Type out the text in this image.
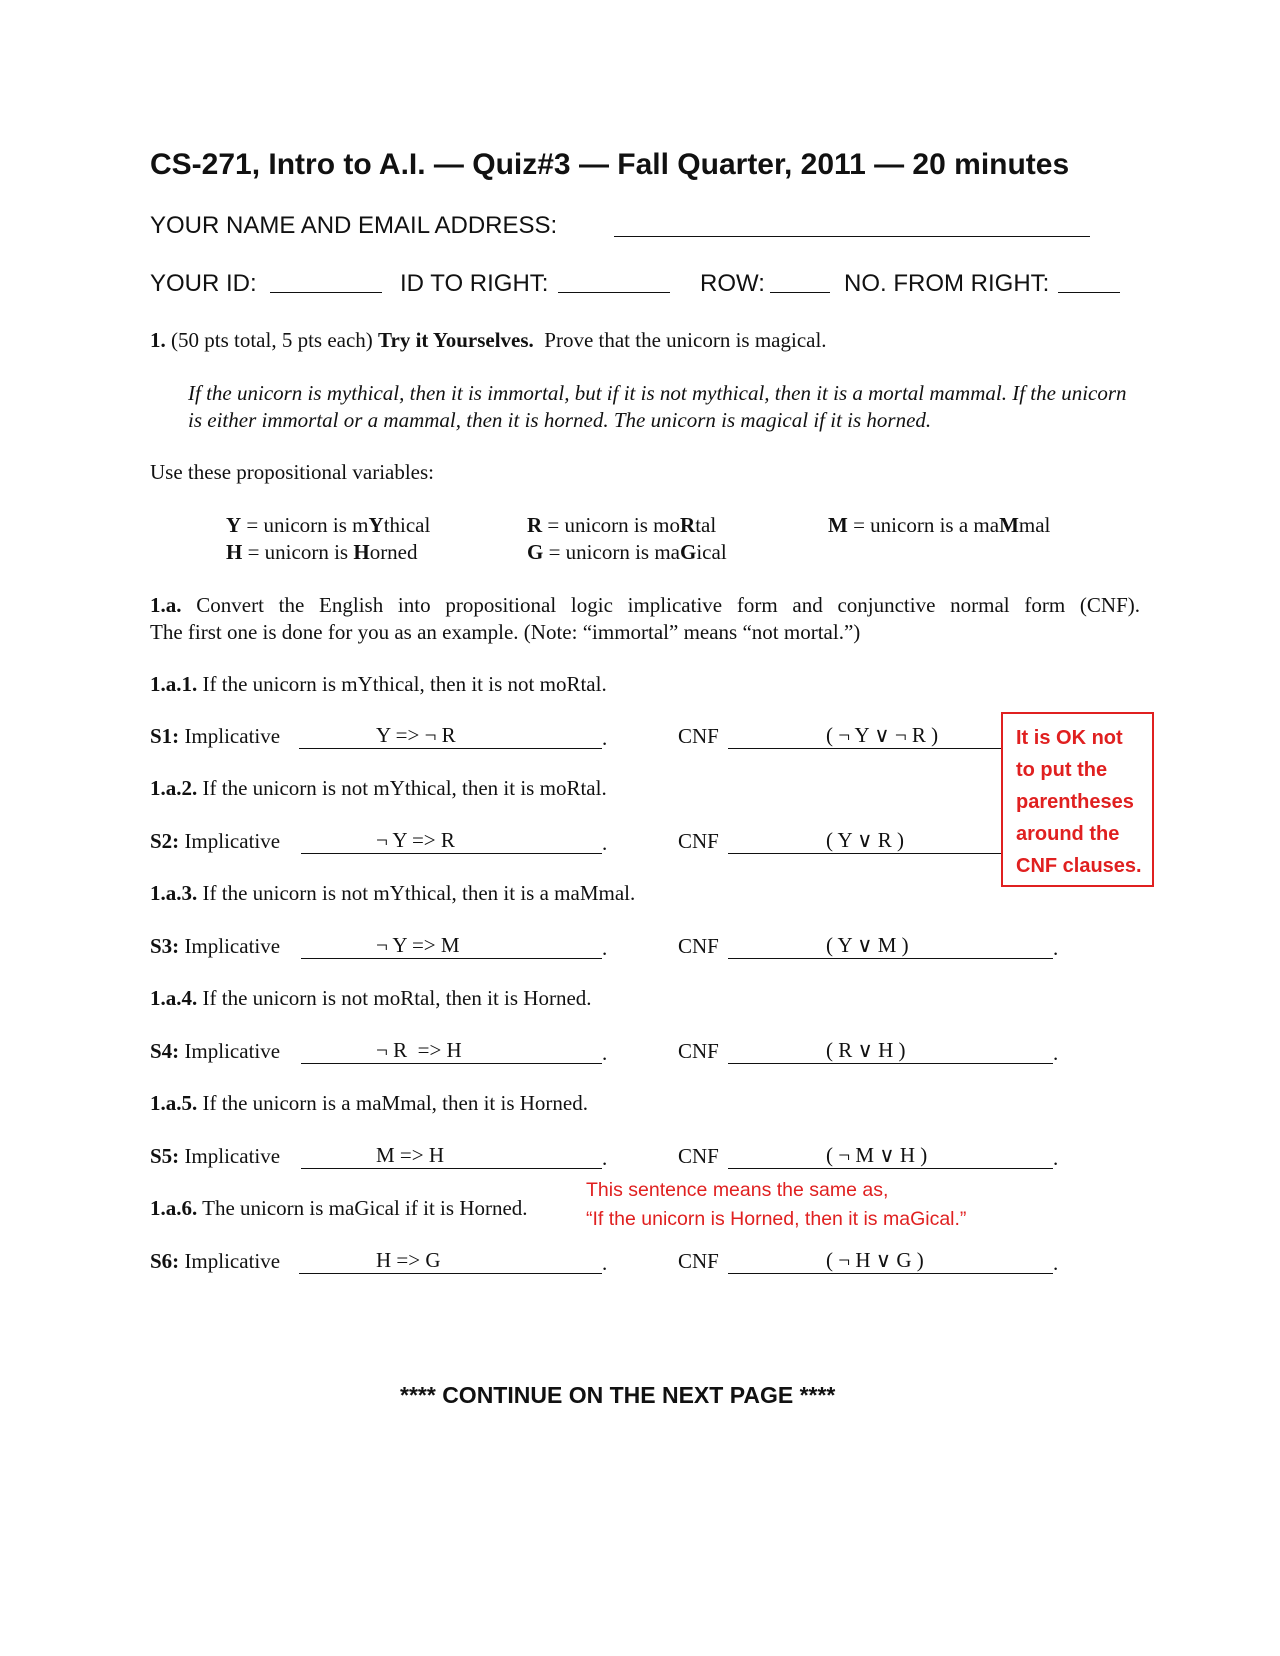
CS-271, Intro to A.I. — Quiz#3 — Fall Quarter, 2011 — 20 minutes
YOUR NAME AND EMAIL ADDRESS:
YOUR ID:	ID TO RIGHT:	ROW:	NO. FROM RIGHT:
1. (50 pts total, 5 pts each) Try it Yourselves. Prove that the unicorn is magical.
If the unicorn is mythical, then it is immortal, but if it is not mythical, then it is a mortal mammal. If the unicorn is either immortal or a mammal, then it is horned. The unicorn is magical if it is horned.
Use these propositional variables:
Y = unicorn is mYthical	R = unicorn is moRtal	M = unicorn is a maMmal
H = unicorn is Horned	G = unicorn is maGical
1.a. Convert the English into propositional logic implicative form and conjunctive normal form (CNF).
The first one is done for you as an example. (Note: “immortal” means “not mortal.”)
1.a.1. If the unicorn is mYthical, then it is not moRtal.
S1: Implicative	Y => ¬ R	.	CNF	( ¬ Y ∨ ¬ R )
1.a.2. If the unicorn is not mYthical, then it is moRtal.
S2: Implicative	¬ Y => R	.	CNF	( Y ∨ R )
1.a.3. If the unicorn is not mYthical, then it is a maMmal.
S3: Implicative	¬ Y => M	.	CNF	( Y ∨ M )	.
1.a.4. If the unicorn is not moRtal, then it is Horned.
S4: Implicative	¬ R  => H	.	CNF	( R ∨ H )	.
1.a.5. If the unicorn is a maMmal, then it is Horned.
S5: Implicative	M => H	.	CNF	( ¬ M ∨ H )	.
1.a.6. The unicorn is maGical if it is Horned.
S6: Implicative	H => G	.	CNF	( ¬ H ∨ G )	.
It is OK not to put the parentheses around the CNF clauses.
This sentence means the same as,
“If the unicorn is Horned, then it is maGical.”
**** CONTINUE ON THE NEXT PAGE ****
